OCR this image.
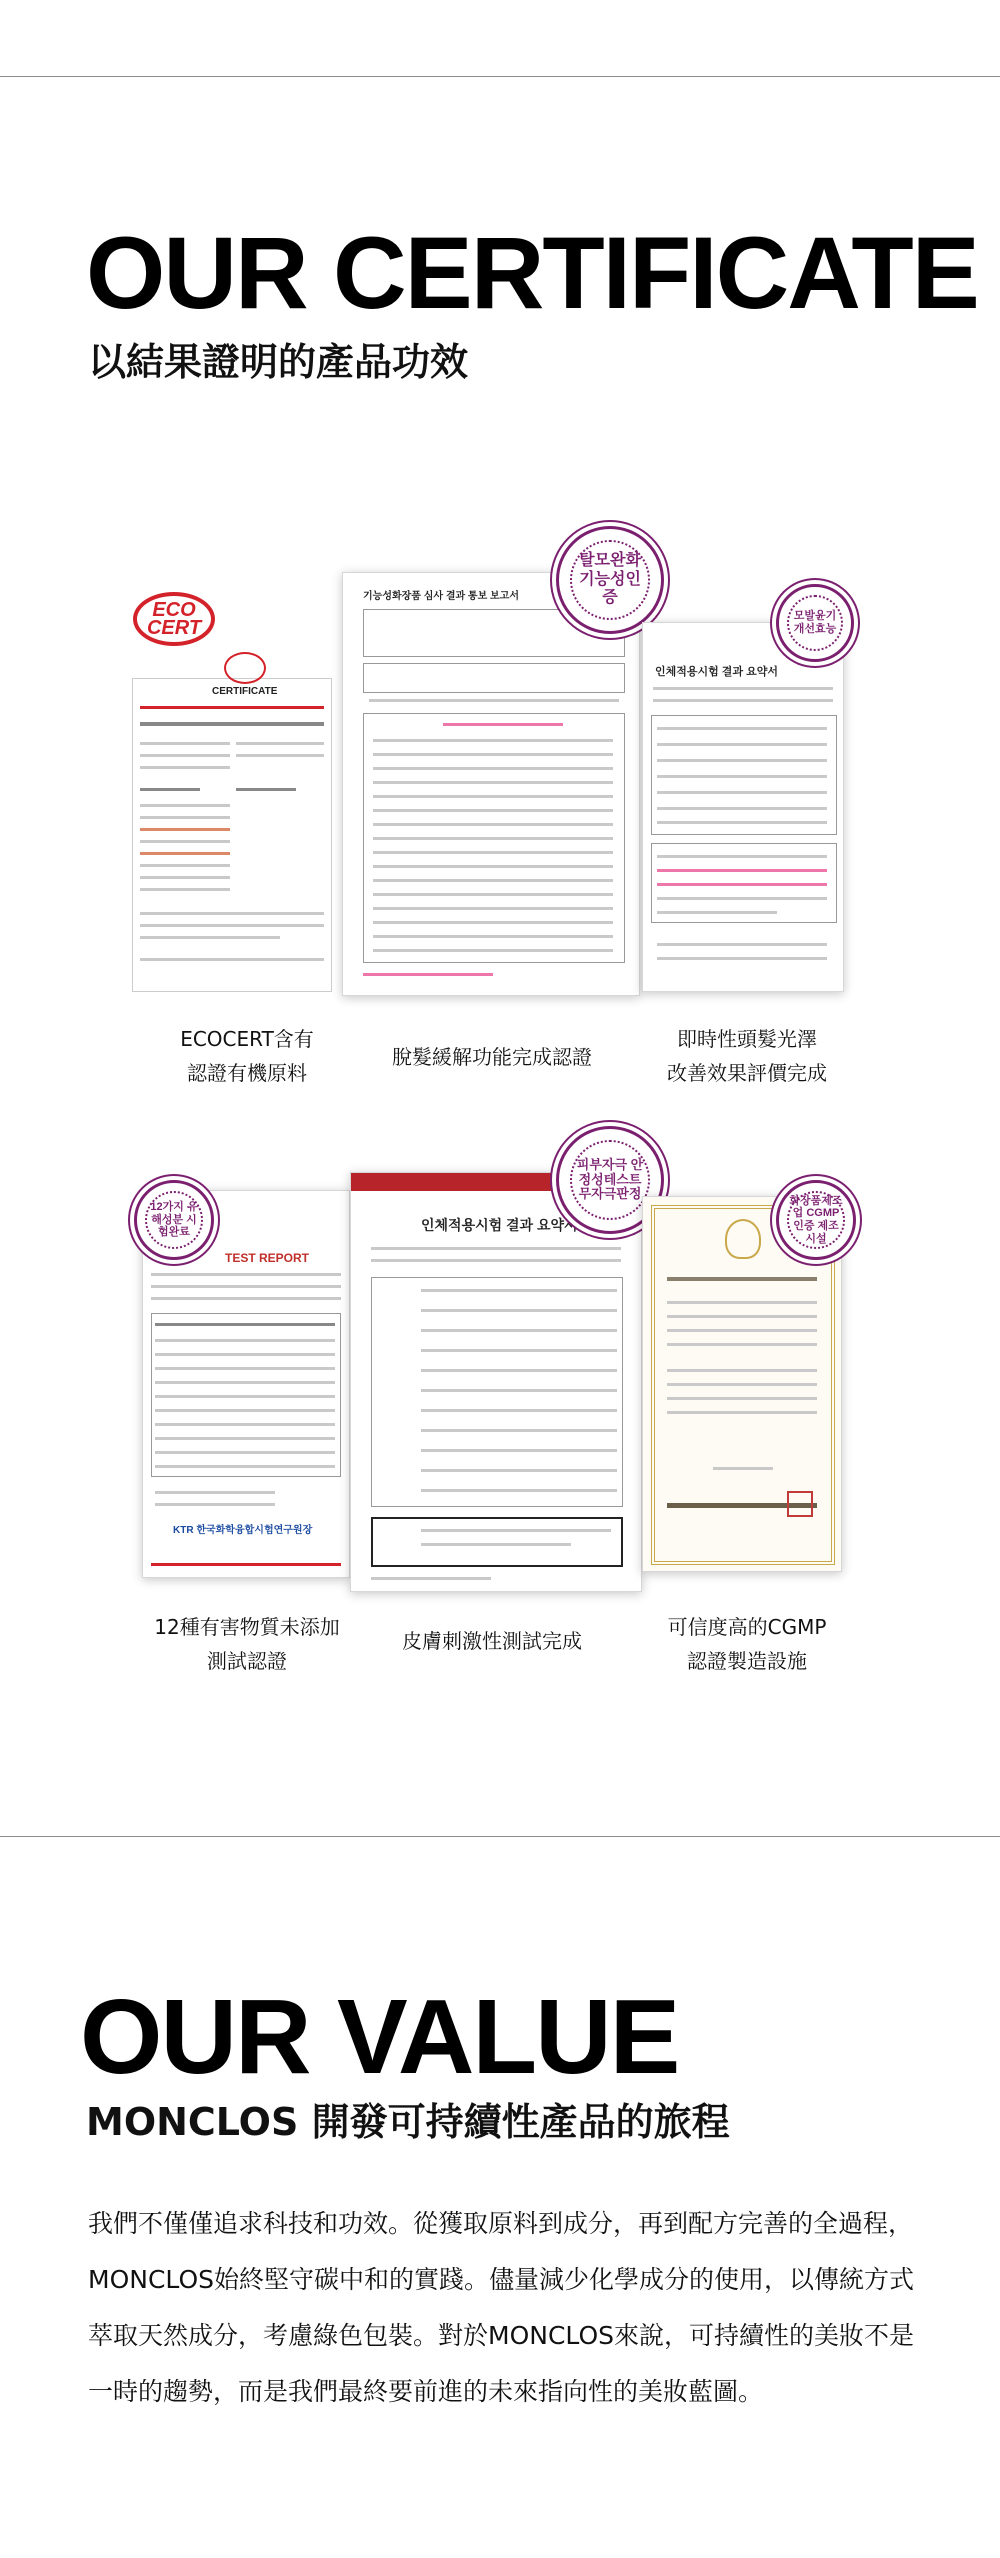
OUR CERTIFICATE
以結果證明的產品功效
CERTIFICATE
ECO CERT
기능성화장품 심사 결과 통보 보고서
탈모완화 기능성인증
인체적용시험 결과 요약서
모발윤기 개선효능
ECOCERT含有
認證有機原料
脫髮緩解功能完成認證
即時性頭髮光澤
改善效果評價完成
TEST REPORT
KTR 한국화학융합시험연구원장
12가지 유해성분 시험완료	인체적용시험 결과 요약서
피부자극 안정성테스트 무자극판정	화장품제조업 CGMP인증 제조시설
12種有害物質未添加
測試認證
皮膚刺激性測試完成
可信度高的CGMP
認證製造設施
OUR VALUE
MONCLOS 開發可持續性產品的旅程

我們不僅僅追求科技和功效。從獲取原料到成分，再到配方完善的全過程，

MONCLOS始終堅守碳中和的實踐。儘量減少化學成分的使用，以傳統方式

萃取天然成分，考慮綠色包裝。對於MONCLOS來說，可持續性的美妝不是

一時的趨勢，而是我們最終要前進的未來指向性的美妝藍圖。
